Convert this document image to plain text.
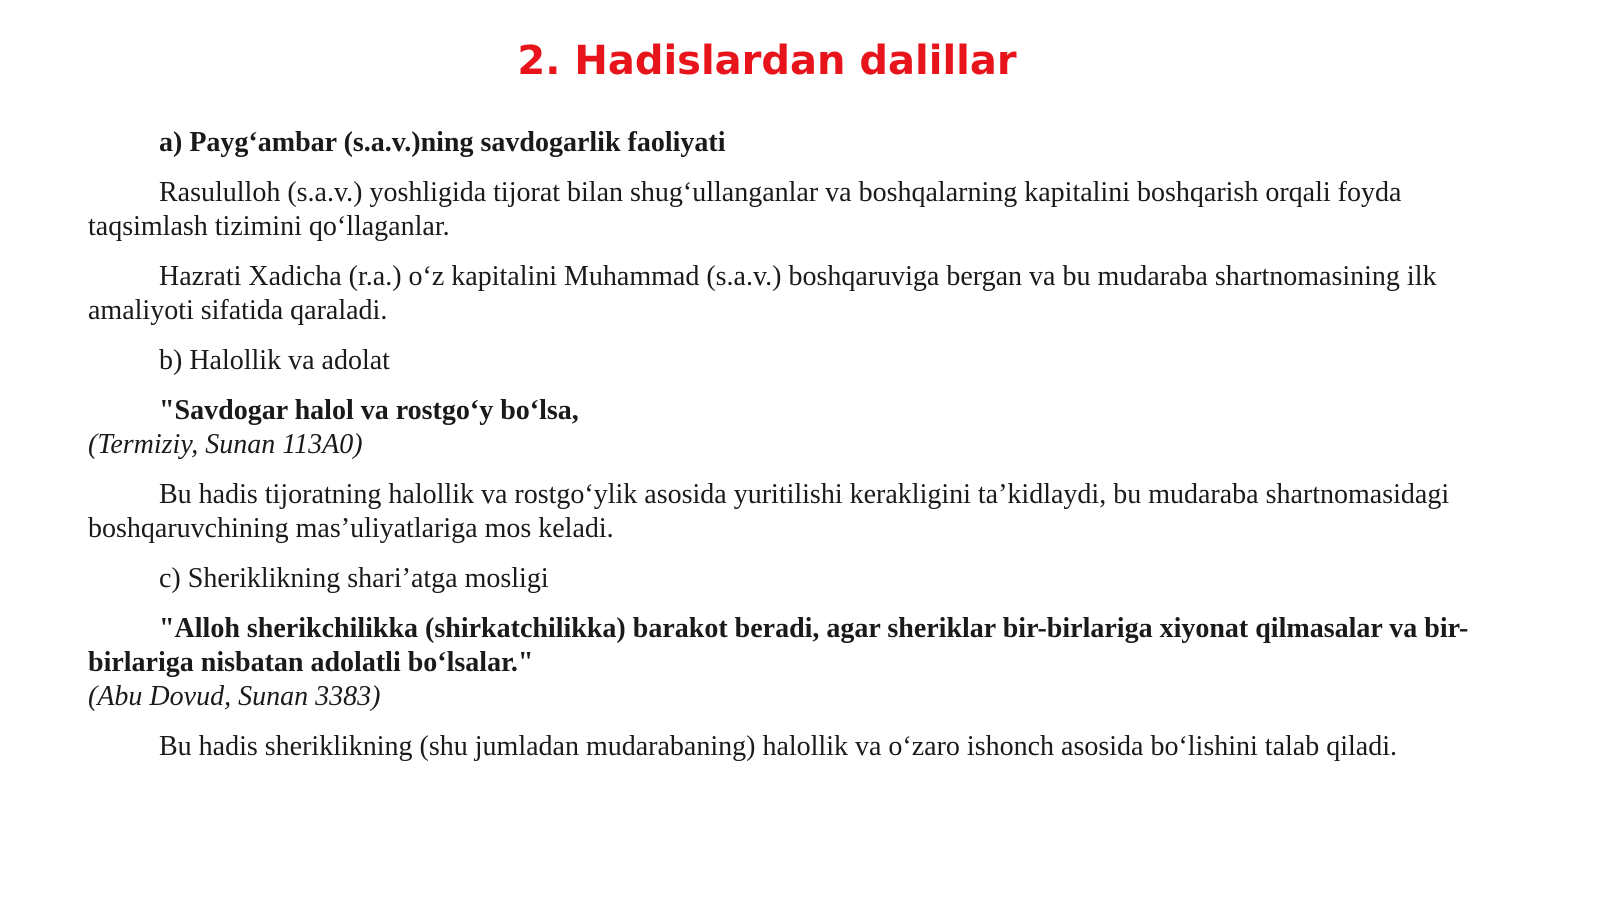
2. Hadislardan dalillar

a) Payg‘ambar (s.a.v.)ning savdogarlik faoliyati

Rasululloh (s.a.v.) yoshligida tijorat bilan shug‘ullanganlar va boshqalarning kapitalini boshqarish orqali foyda taqsimlash tizimini qo‘llaganlar.

Hazrati Xadicha (r.a.) o‘z kapitalini Muhammad (s.a.v.) boshqaruviga bergan va bu mudaraba shartnomasining ilk amaliyoti sifatida qaraladi.

b) Halollik va adolat

"Savdogar halol va rostgo‘y bo‘lsa,
(Termiziy, Sunan 113A0)

Bu hadis tijoratning halollik va rostgo‘ylik asosida yuritilishi kerakligini ta’kidlaydi, bu mudaraba shartnomasidagi boshqaruvchining mas’uliyatlariga mos keladi.

c) Sheriklikning shari’atga mosligi

"Alloh sherikchilikka (shirkatchilikka) barakot beradi, agar sheriklar bir-birlariga xiyonat qilmasalar va bir-birlariga nisbatan adolatli bo‘lsalar."
(Abu Dovud, Sunan 3383)

Bu hadis sheriklikning (shu jumladan mudarabaning) halollik va o‘zaro ishonch asosida bo‘lishini talab qiladi.
